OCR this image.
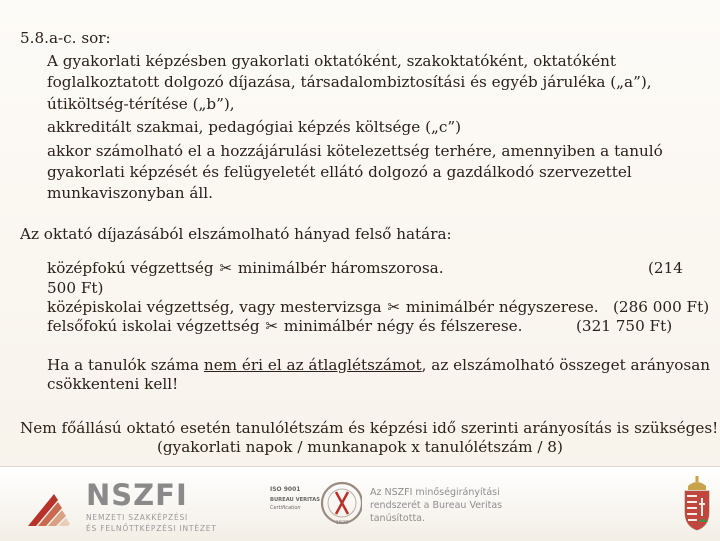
5.8.a-c. sor:
A gyakorlati képzésben gyakorlati oktatóként, szakoktatóként, oktatóként
foglalkoztatott dolgozó díjazása, társadalombiztosítási és egyéb járuléka („a”),
útiköltség-térítése („b”),
akkreditált szakmai, pedagógiai képzés költsége („c”)
akkor számolható el a hozzájárulási kötelezettség terhére, amennyiben a tanuló
gyakorlati képzését és felügyeletét ellátó dolgozó a gazdálkodó szervezettel
munkaviszonyban áll.
Az oktató díjazásából elszámolható hányad felső határa:
középfokú végzettség ✂ minimálbér háromszorosa.	(214
500 Ft)
középiskolai végzettség, vagy mestervizsga ✂ minimálbér négyszerese. (286 000 Ft)
felsőfokú iskolai végzettség ✂ minimálbér négy és félszerese.	(321 750 Ft)
Ha a tanulók száma nem éri el az átlaglétszámot, az elszámolható összeget arányosan
csökkenteni kell!
Nem főállású oktató esetén tanulólétszám és képzési idő szerinti arányosítás is szükséges!
(gyakorlati napok / munkanapok x tanulólétszám / 8)
NSZFI
NEMZETI SZAKKÉPZÉSI
ÉS FELNŐTTKÉPZÉSI INTÉZET
ISO 9001
BUREAU VERITAS
Certification
1828
Az NSZFI minőségirányítási
rendszerét a Bureau Veritas
tanúsította.
